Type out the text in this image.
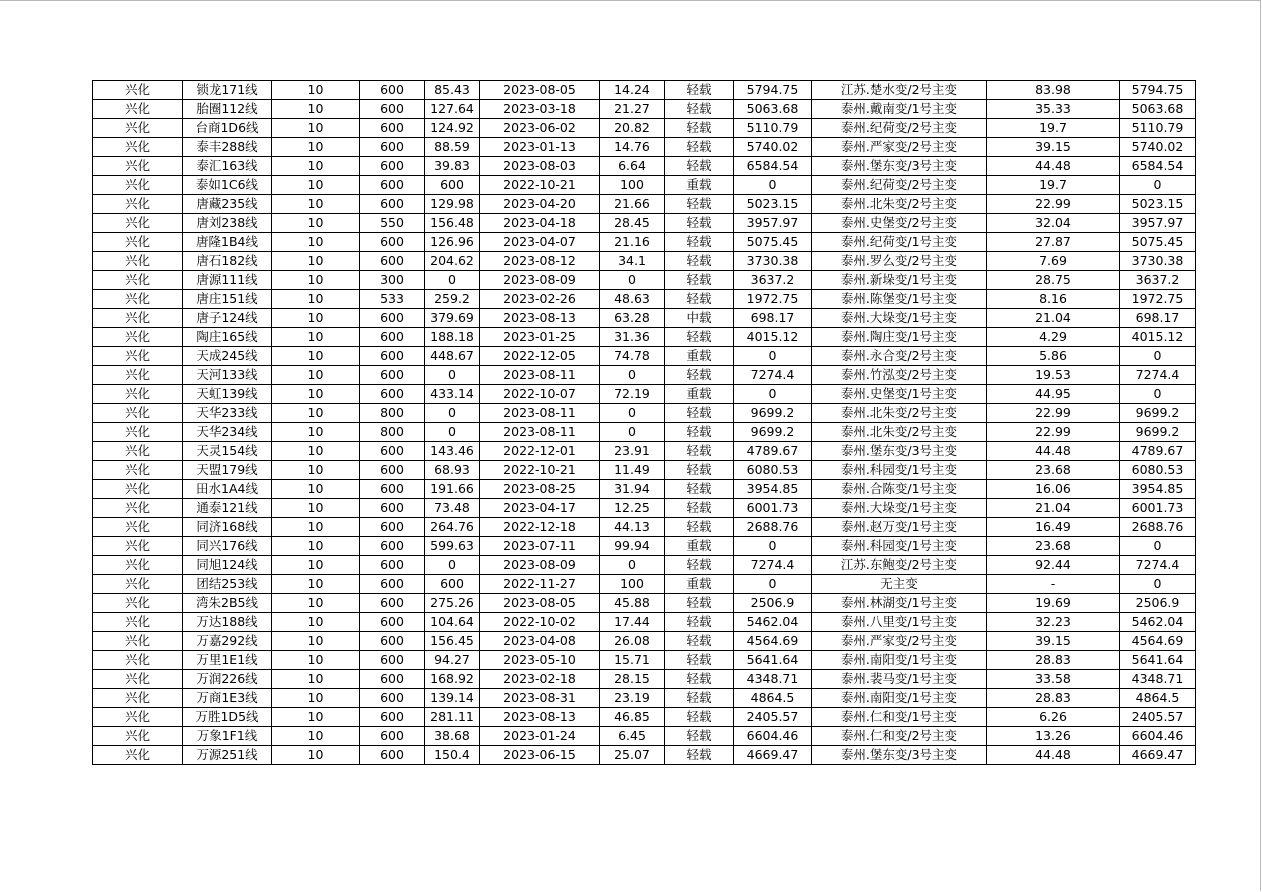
兴化	锁龙171线	10	600	85.43	2023-08-05	14.24	轻载	5794.75	江苏.楚水变/2号主变	83.98	5794.75
兴化	胎圈112线	10	600	127.64	2023-03-18	21.27	轻载	5063.68	泰州.戴南变/1号主变	35.33	5063.68
兴化	台商1D6线	10	600	124.92	2023-06-02	20.82	轻载	5110.79	泰州.纪荷变/2号主变	19.7	5110.79
兴化	泰丰288线	10	600	88.59	2023-01-13	14.76	轻载	5740.02	泰州.严家变/2号主变	39.15	5740.02
兴化	泰汇163线	10	600	39.83	2023-08-03	6.64	轻载	6584.54	泰州.堡东变/3号主变	44.48	6584.54
兴化	泰如1C6线	10	600	600	2022-10-21	100	重载	0	泰州.纪荷变/2号主变	19.7	0
兴化	唐藏235线	10	600	129.98	2023-04-20	21.66	轻载	5023.15	泰州.北朱变/2号主变	22.99	5023.15
兴化	唐刘238线	10	550	156.48	2023-04-18	28.45	轻载	3957.97	泰州.史堡变/2号主变	32.04	3957.97
兴化	唐隆1B4线	10	600	126.96	2023-04-07	21.16	轻载	5075.45	泰州.纪荷变/1号主变	27.87	5075.45
兴化	唐石182线	10	600	204.62	2023-08-12	34.1	轻载	3730.38	泰州.罗么变/2号主变	7.69	3730.38
兴化	唐源111线	10	300	0	2023-08-09	0	轻载	3637.2	泰州.新垛变/1号主变	28.75	3637.2
兴化	唐庄151线	10	533	259.2	2023-02-26	48.63	轻载	1972.75	泰州.陈堡变/1号主变	8.16	1972.75
兴化	唐子124线	10	600	379.69	2023-08-13	63.28	中载	698.17	泰州.大垛变/1号主变	21.04	698.17
兴化	陶庄165线	10	600	188.18	2023-01-25	31.36	轻载	4015.12	泰州.陶庄变/1号主变	4.29	4015.12
兴化	天成245线	10	600	448.67	2022-12-05	74.78	重载	0	泰州.永合变/2号主变	5.86	0
兴化	天河133线	10	600	0	2023-08-11	0	轻载	7274.4	泰州.竹泓变/2号主变	19.53	7274.4
兴化	天虹139线	10	600	433.14	2022-10-07	72.19	重载	0	泰州.史堡变/1号主变	44.95	0
兴化	天华233线	10	800	0	2023-08-11	0	轻载	9699.2	泰州.北朱变/2号主变	22.99	9699.2
兴化	天华234线	10	800	0	2023-08-11	0	轻载	9699.2	泰州.北朱变/2号主变	22.99	9699.2
兴化	天灵154线	10	600	143.46	2022-12-01	23.91	轻载	4789.67	泰州.堡东变/3号主变	44.48	4789.67
兴化	天盟179线	10	600	68.93	2022-10-21	11.49	轻载	6080.53	泰州.科园变/1号主变	23.68	6080.53
兴化	田水1A4线	10	600	191.66	2023-08-25	31.94	轻载	3954.85	泰州.合陈变/1号主变	16.06	3954.85
兴化	通泰121线	10	600	73.48	2023-04-17	12.25	轻载	6001.73	泰州.大垛变/1号主变	21.04	6001.73
兴化	同济168线	10	600	264.76	2022-12-18	44.13	轻载	2688.76	泰州.赵万变/1号主变	16.49	2688.76
兴化	同兴176线	10	600	599.63	2023-07-11	99.94	重载	0	泰州.科园变/1号主变	23.68	0
兴化	同旭124线	10	600	0	2023-08-09	0	轻载	7274.4	江苏.东鲍变/2号主变	92.44	7274.4
兴化	团结253线	10	600	600	2022-11-27	100	重载	0	无主变	-	0
兴化	湾朱2B5线	10	600	275.26	2023-08-05	45.88	轻载	2506.9	泰州.林湖变/1号主变	19.69	2506.9
兴化	万达188线	10	600	104.64	2022-10-02	17.44	轻载	5462.04	泰州.八里变/1号主变	32.23	5462.04
兴化	万嘉292线	10	600	156.45	2023-04-08	26.08	轻载	4564.69	泰州.严家变/2号主变	39.15	4564.69
兴化	万里1E1线	10	600	94.27	2023-05-10	15.71	轻载	5641.64	泰州.南阳变/1号主变	28.83	5641.64
兴化	万润226线	10	600	168.92	2023-02-18	28.15	轻载	4348.71	泰州.裴马变/1号主变	33.58	4348.71
兴化	万商1E3线	10	600	139.14	2023-08-31	23.19	轻载	4864.5	泰州.南阳变/1号主变	28.83	4864.5
兴化	万胜1D5线	10	600	281.11	2023-08-13	46.85	轻载	2405.57	泰州.仁和变/1号主变	6.26	2405.57
兴化	万象1F1线	10	600	38.68	2023-01-24	6.45	轻载	6604.46	泰州.仁和变/2号主变	13.26	6604.46
兴化	万源251线	10	600	150.4	2023-06-15	25.07	轻载	4669.47	泰州.堡东变/3号主变	44.48	4669.47
